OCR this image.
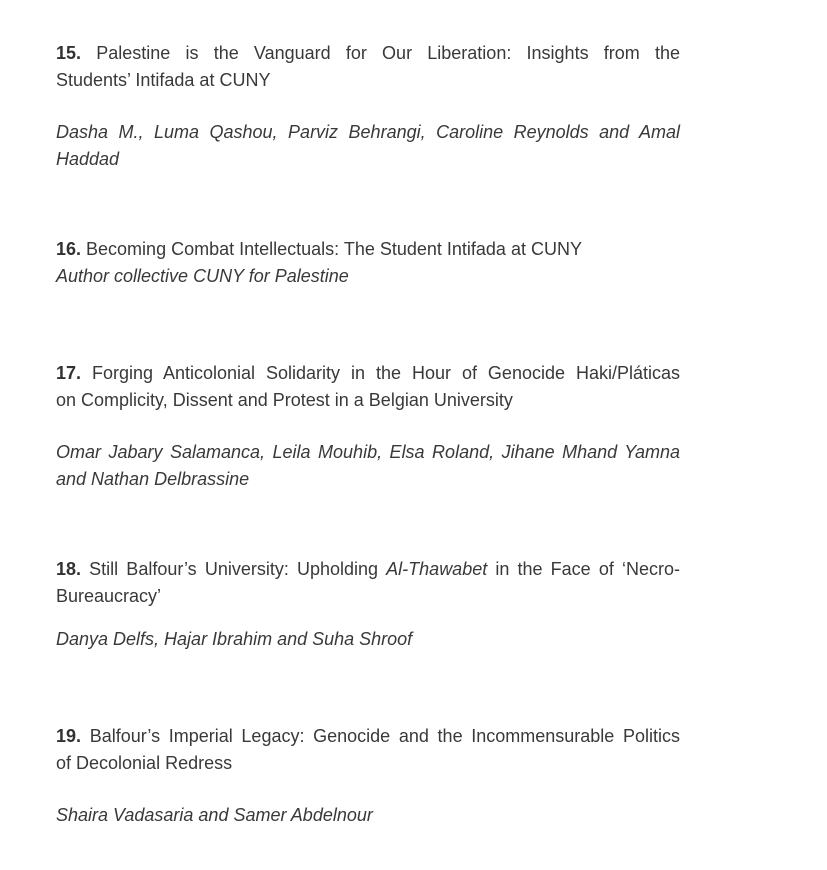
15. Palestine is the Vanguard for Our Liberation: Insights from the
Students’ Intifada at CUNY
Dasha M., Luma Qashou, Parviz Behrangi, Caroline Reynolds and Amal
Haddad
16. Becoming Combat Intellectuals: The Student Intifada at CUNY
Author collective CUNY for Palestine
17. Forging Anticolonial Solidarity in the Hour of Genocide Haki/Pláticas
on Complicity, Dissent and Protest in a Belgian University
Omar Jabary Salamanca, Leila Mouhib, Elsa Roland, Jihane Mhand Yamna
and Nathan Delbrassine
18. Still Balfour’s University: Upholding Al-Thawabet in the Face of ‘Necro-
Bureaucracy’
Danya Delfs, Hajar Ibrahim and Suha Shroof
19. Balfour’s Imperial Legacy: Genocide and the Incommensurable Politics
of Decolonial Redress
Shaira Vadasaria and Samer Abdelnour
